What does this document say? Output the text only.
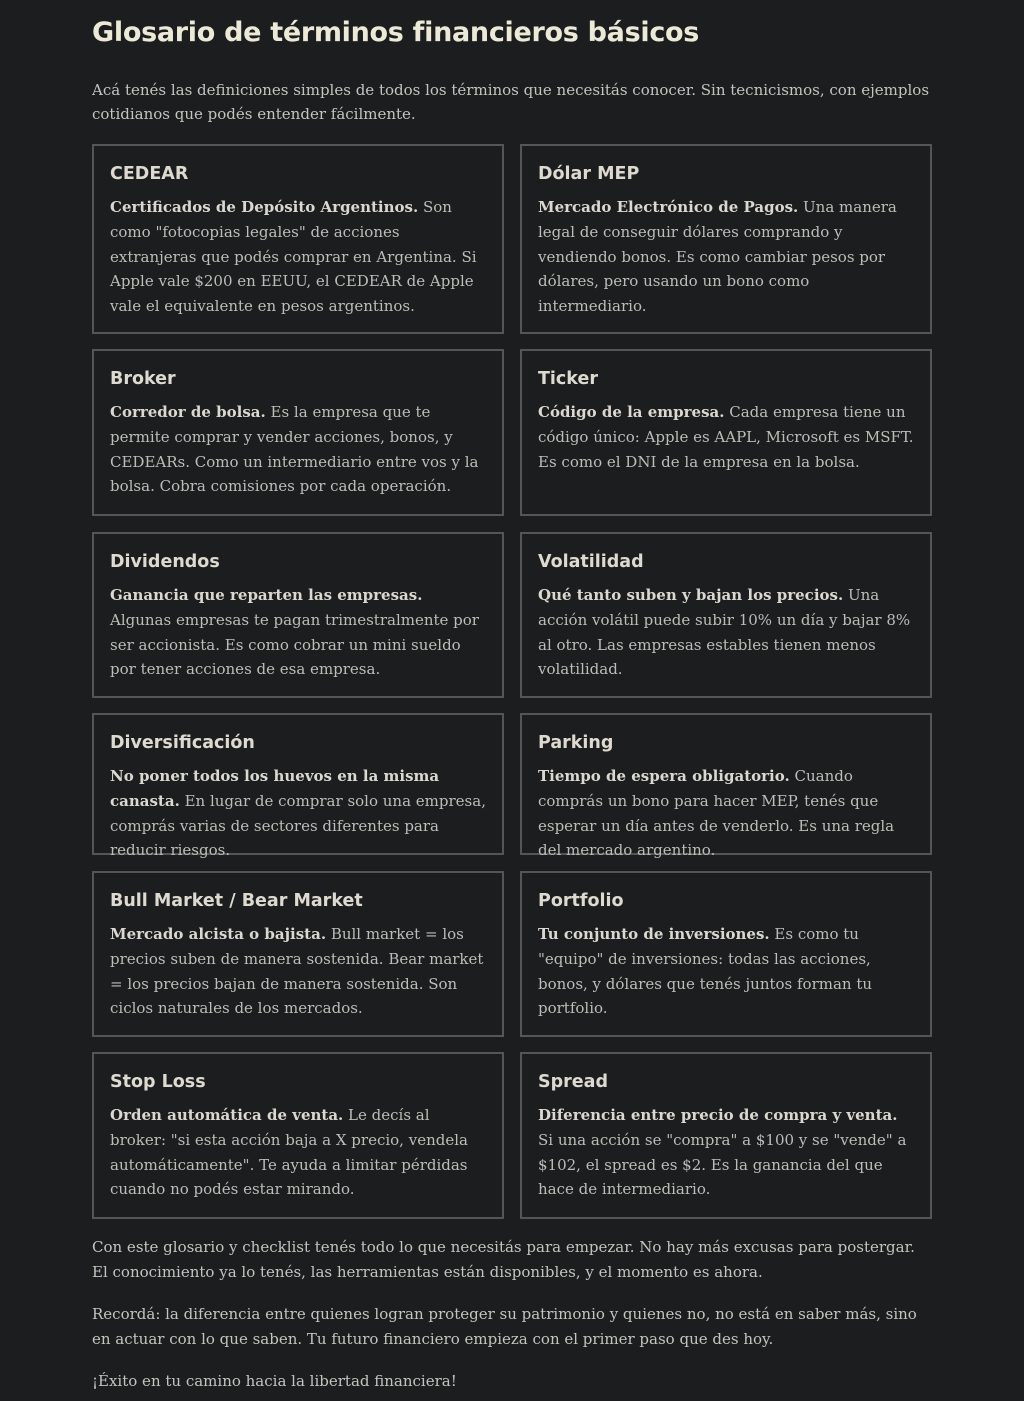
Glosario de términos financieros básicos

Acá tenés las definiciones simples de todos los términos que necesitás conocer. Sin tecnicismos, con ejemplos cotidianos que podés entender fácilmente.

CEDEAR

Certificados de Depósito Argentinos. Son como "fotocopias legales" de acciones extranjeras que podés comprar en Argentina. Si Apple vale $200 en EEUU, el CEDEAR de Apple vale el equivalente en pesos argentinos.

Dólar MEP

Mercado Electrónico de Pagos. Una manera legal de conseguir dólares comprando y vendiendo bonos. Es como cambiar pesos por dólares, pero usando un bono como intermediario.

Broker

Corredor de bolsa. Es la empresa que te permite comprar y vender acciones, bonos, y CEDEARs. Como un intermediario entre vos y la bolsa. Cobra comisiones por cada operación.

Ticker

Código de la empresa. Cada empresa tiene un código único: Apple es AAPL, Microsoft es MSFT. Es como el DNI de la empresa en la bolsa.

Dividendos

Ganancia que reparten las empresas. Algunas empresas te pagan trimestralmente por ser accionista. Es como cobrar un mini sueldo por tener acciones de esa empresa.

Volatilidad

Qué tanto suben y bajan los precios. Una acción volátil puede subir 10% un día y bajar 8% al otro. Las empresas estables tienen menos volatilidad.

Diversificación

No poner todos los huevos en la misma canasta. En lugar de comprar solo una empresa, comprás varias de sectores diferentes para reducir riesgos.

Parking

Tiempo de espera obligatorio. Cuando comprás un bono para hacer MEP, tenés que esperar un día antes de venderlo. Es una regla del mercado argentino.

Bull Market / Bear Market

Mercado alcista o bajista. Bull market = los precios suben de manera sostenida. Bear market = los precios bajan de manera sostenida. Son ciclos naturales de los mercados.

Portfolio

Tu conjunto de inversiones. Es como tu "equipo" de inversiones: todas las acciones, bonos, y dólares que tenés juntos forman tu portfolio.

Stop Loss

Orden automática de venta. Le decís al broker: "si esta acción baja a X precio, vendela automáticamente". Te ayuda a limitar pérdidas cuando no podés estar mirando.

Spread

Diferencia entre precio de compra y venta. Si una acción se "compra" a $100 y se "vende" a $102, el spread es $2. Es la ganancia del que hace de intermediario.

Con este glosario y checklist tenés todo lo que necesitás para empezar. No hay más excusas para postergar. El conocimiento ya lo tenés, las herramientas están disponibles, y el momento es ahora.

Recordá: la diferencia entre quienes logran proteger su patrimonio y quienes no, no está en saber más, sino en actuar con lo que saben. Tu futuro financiero empieza con el primer paso que des hoy.

¡Éxito en tu camino hacia la libertad financiera!
